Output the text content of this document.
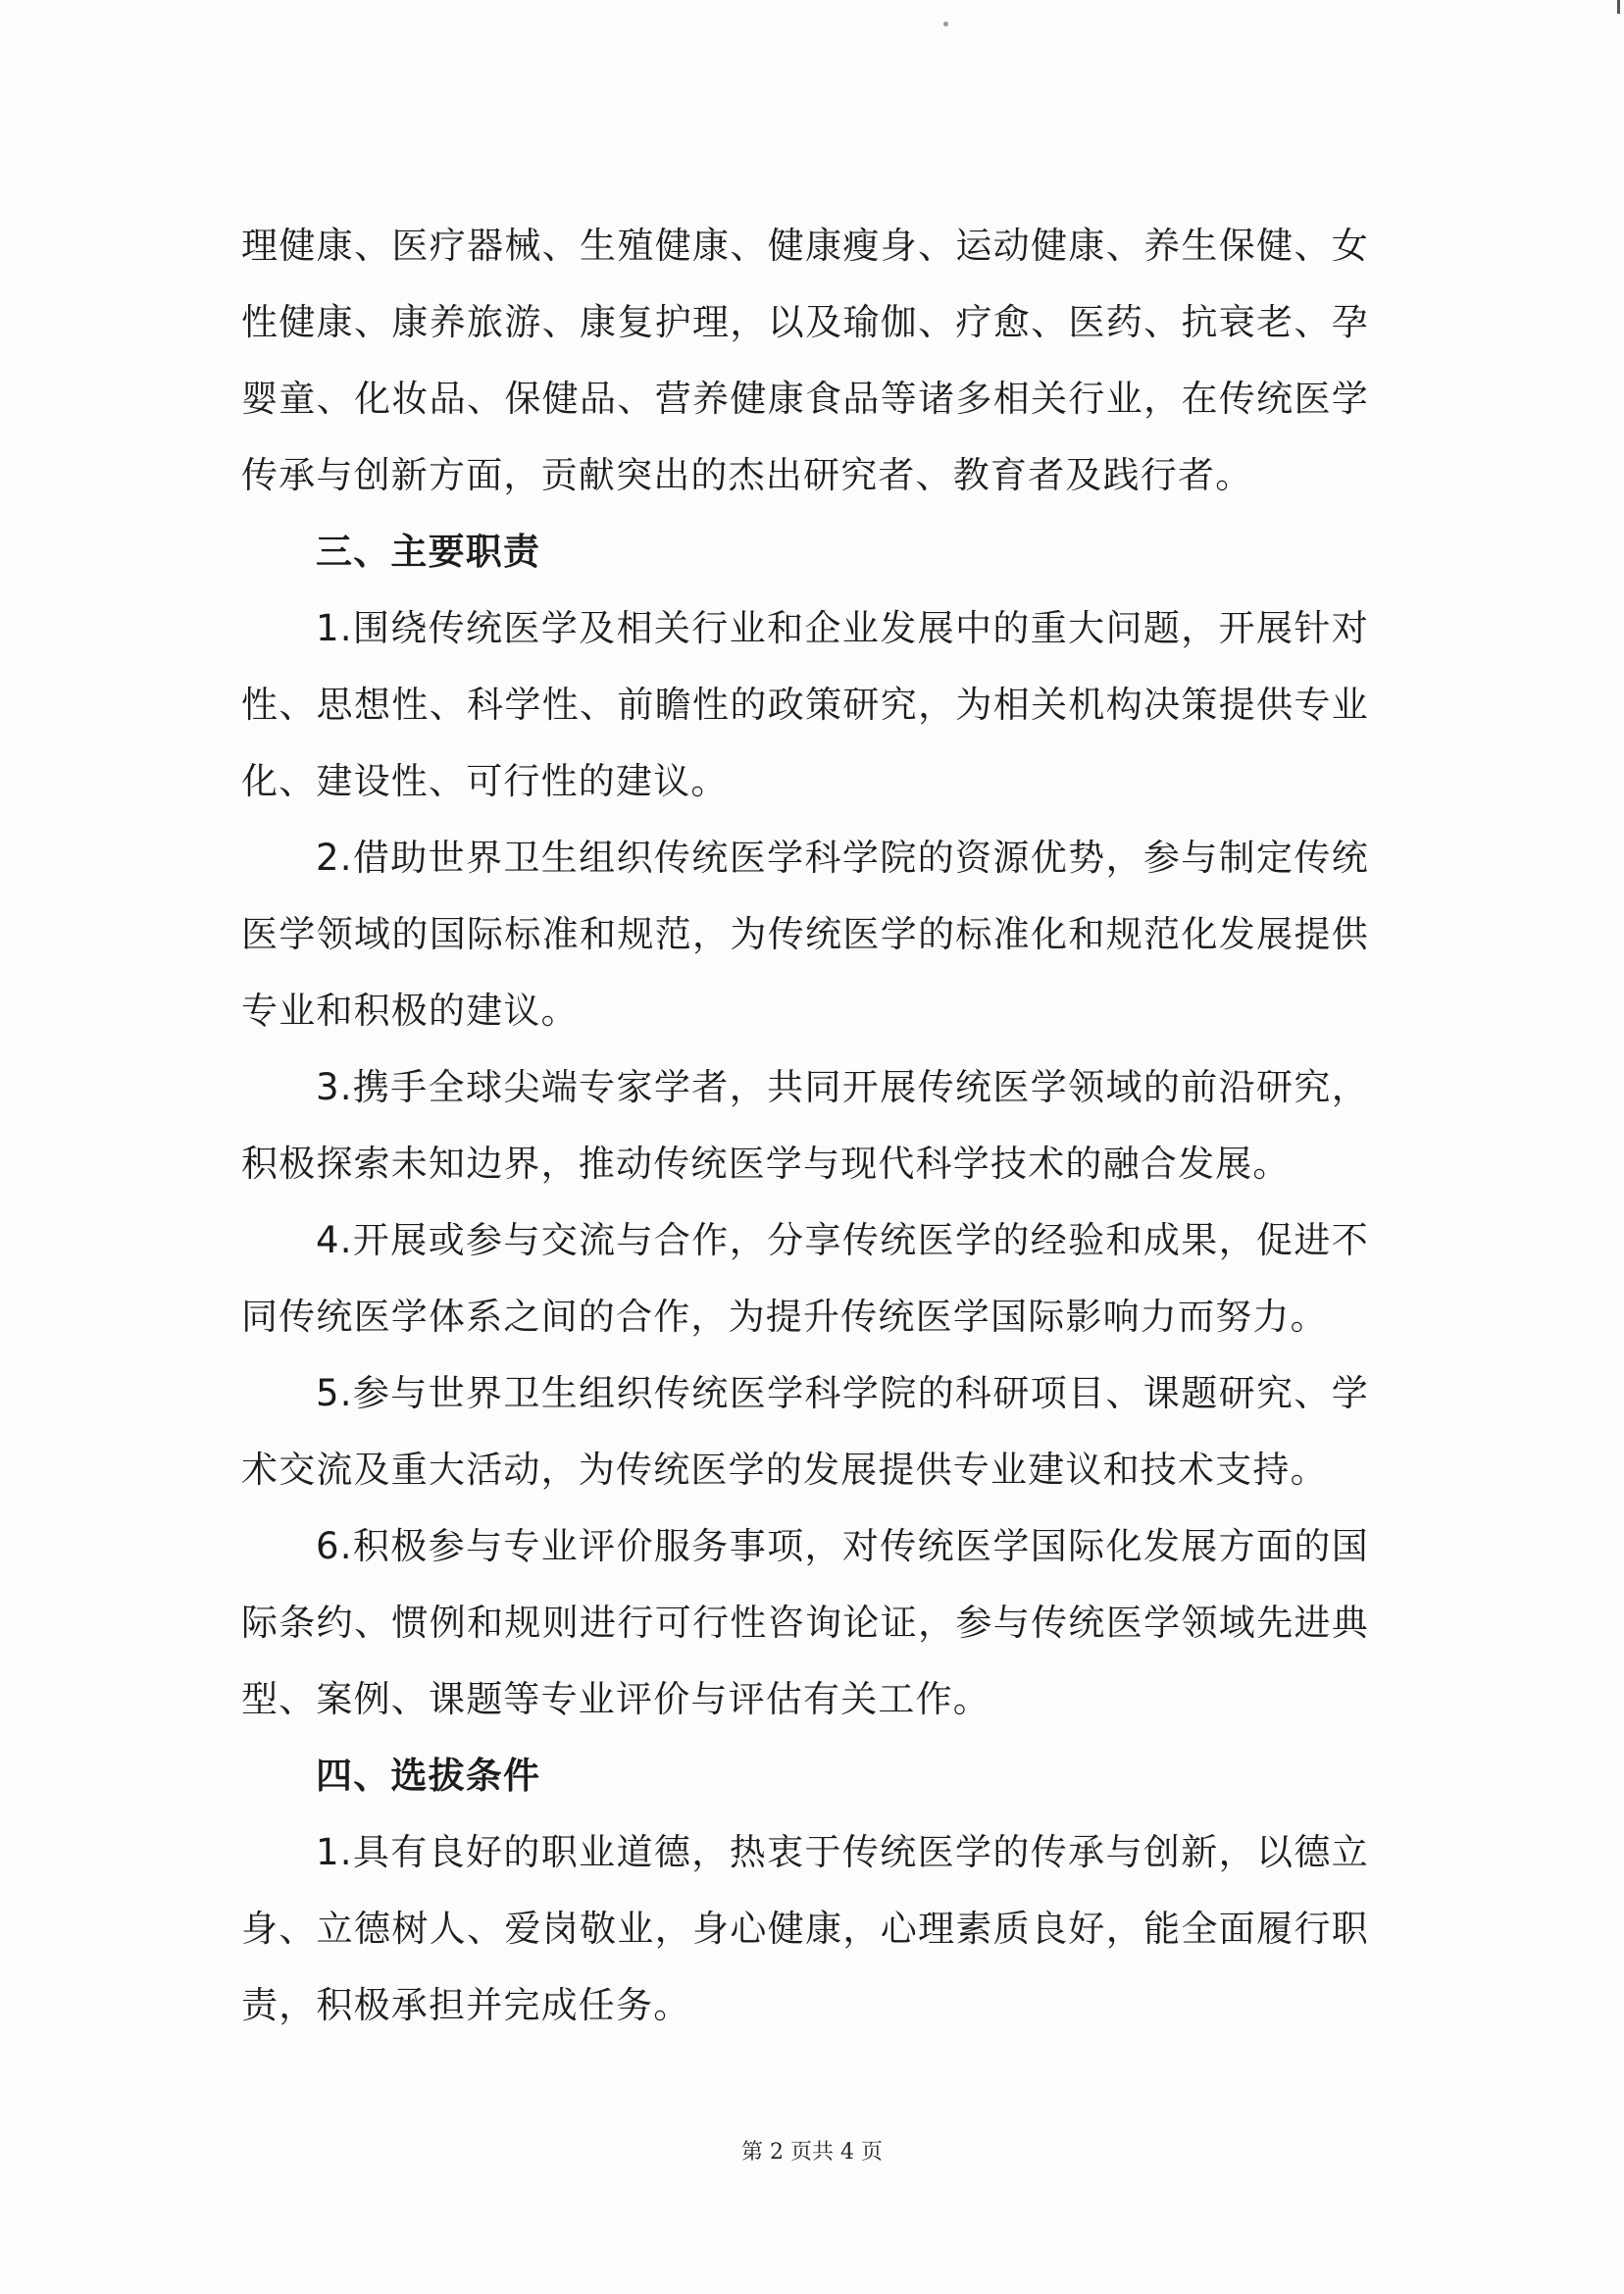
理健康、医疗器械、生殖健康、健康瘦身、运动健康、养生保健、女性健康、康养旅游、康复护理，以及瑜伽、疗愈、医药、抗衰老、孕婴童、化妆品、保健品、营养健康食品等诸多相关行业，在传统医学传承与创新方面，贡献突出的杰出研究者、教育者及践行者。

三、主要职责

1.围绕传统医学及相关行业和企业发展中的重大问题，开展针对性、思想性、科学性、前瞻性的政策研究，为相关机构决策提供专业化、建设性、可行性的建议。

2.借助世界卫生组织传统医学科学院的资源优势，参与制定传统医学领域的国际标准和规范，为传统医学的标准化和规范化发展提供专业和积极的建议。

3.携手全球尖端专家学者，共同开展传统医学领域的前沿研究，积极探索未知边界，推动传统医学与现代科学技术的融合发展。

4.开展或参与交流与合作，分享传统医学的经验和成果，促进不同传统医学体系之间的合作，为提升传统医学国际影响力而努力。

5.参与世界卫生组织传统医学科学院的科研项目、课题研究、学术交流及重大活动，为传统医学的发展提供专业建议和技术支持。

6.积极参与专业评价服务事项，对传统医学国际化发展方面的国际条约、惯例和规则进行可行性咨询论证，参与传统医学领域先进典型、案例、课题等专业评价与评估有关工作。

四、选拔条件

1.具有良好的职业道德，热衷于传统医学的传承与创新，以德立身、立德树人、爱岗敬业，身心健康，心理素质良好，能全面履行职责，积极承担并完成任务。

第 2 页共 4 页
